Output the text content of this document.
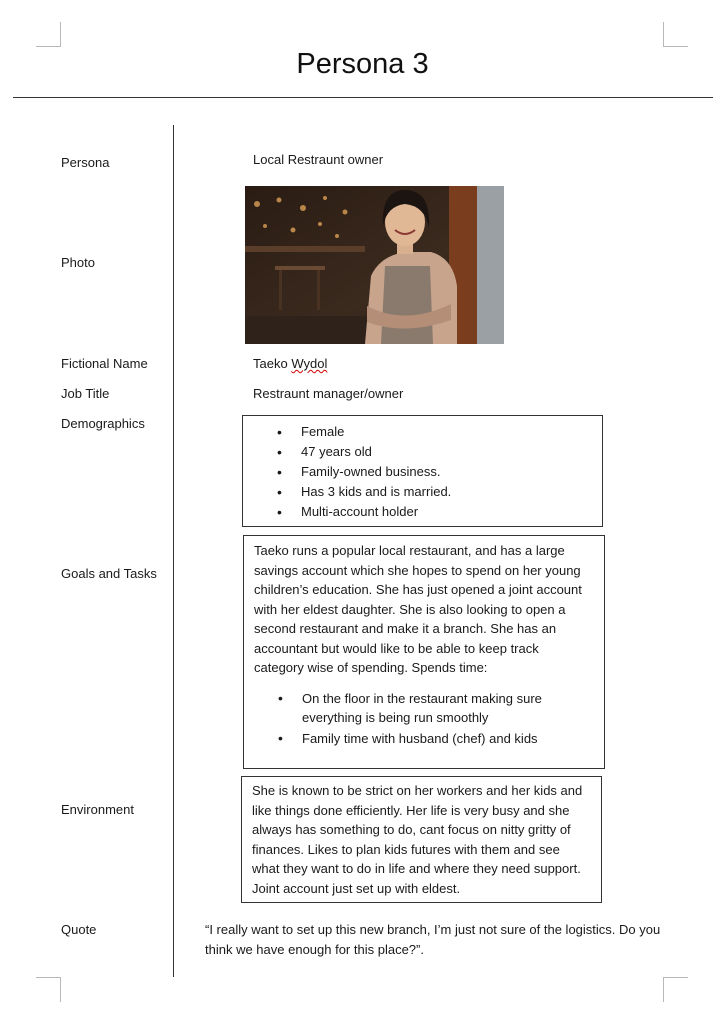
Persona 3
Persona
Photo
Fictional Name
Job Title
Demographics
Goals and Tasks
Environment
Quote
Local Restraunt owner
Taeko Wydol
Restraunt manager/owner
• Female
• 47 years old
• Family-owned business.
• Has 3 kids and is married.
• Multi-account holder
Taeko runs a popular local restaurant, and has a large savings account which she hopes to spend on her young children’s education. She has just opened a joint account with her eldest daughter. She is also looking to open a second restaurant and make it a branch. She has an accountant but would like to be able to keep track category wise of spending. Spends time:
• On the floor in the restaurant making sure everything is being run smoothly
• Family time with husband (chef) and kids
She is known to be strict on her workers and her kids and like things done efficiently. Her life is very busy and she always has something to do, cant focus on nitty gritty of finances. Likes to plan kids futures with them and see what they want to do in life and where they need support. Joint account just set up with eldest.
“I really want to set up this new branch, I’m just not sure of the logistics. Do you think we have enough for this place?”.
